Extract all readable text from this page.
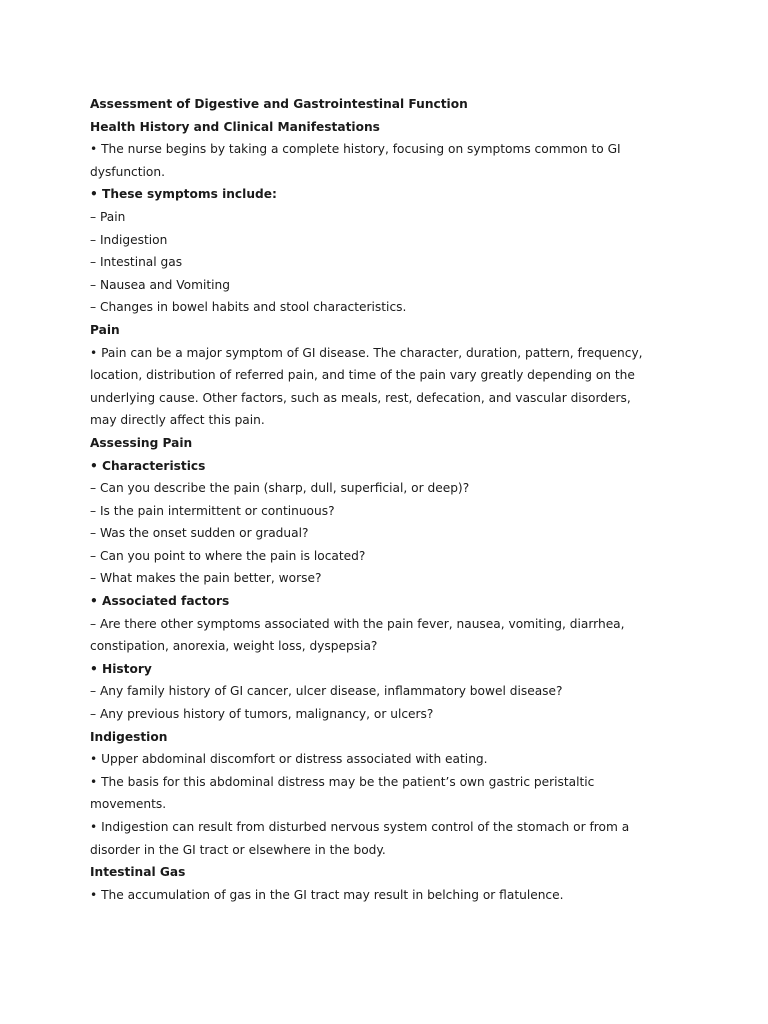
Assessment of Digestive and Gastrointestinal Function
Health History and Clinical Manifestations
• The nurse begins by taking a complete history, focusing on symptoms common to GI
dysfunction.
• These symptoms include:
– Pain
– Indigestion
– Intestinal gas
– Nausea and Vomiting
– Changes in bowel habits and stool characteristics.
Pain
• Pain can be a major symptom of GI disease. The character, duration, pattern, frequency,
location, distribution of referred pain, and time of the pain vary greatly depending on the
underlying cause. Other factors, such as meals, rest, defecation, and vascular disorders,
may directly affect this pain.
Assessing Pain
• Characteristics
– Can you describe the pain (sharp, dull, superficial, or deep)?
– Is the pain intermittent or continuous?
– Was the onset sudden or gradual?
– Can you point to where the pain is located?
– What makes the pain better, worse?
• Associated factors
– Are there other symptoms associated with the pain fever, nausea, vomiting, diarrhea,
constipation, anorexia, weight loss, dyspepsia?
• History
– Any family history of GI cancer, ulcer disease, inflammatory bowel disease?
– Any previous history of tumors, malignancy, or ulcers?
Indigestion
• Upper abdominal discomfort or distress associated with eating.
• The basis for this abdominal distress may be the patient’s own gastric peristaltic
movements.
• Indigestion can result from disturbed nervous system control of the stomach or from a
disorder in the GI tract or elsewhere in the body.
Intestinal Gas
• The accumulation of gas in the GI tract may result in belching or flatulence.
